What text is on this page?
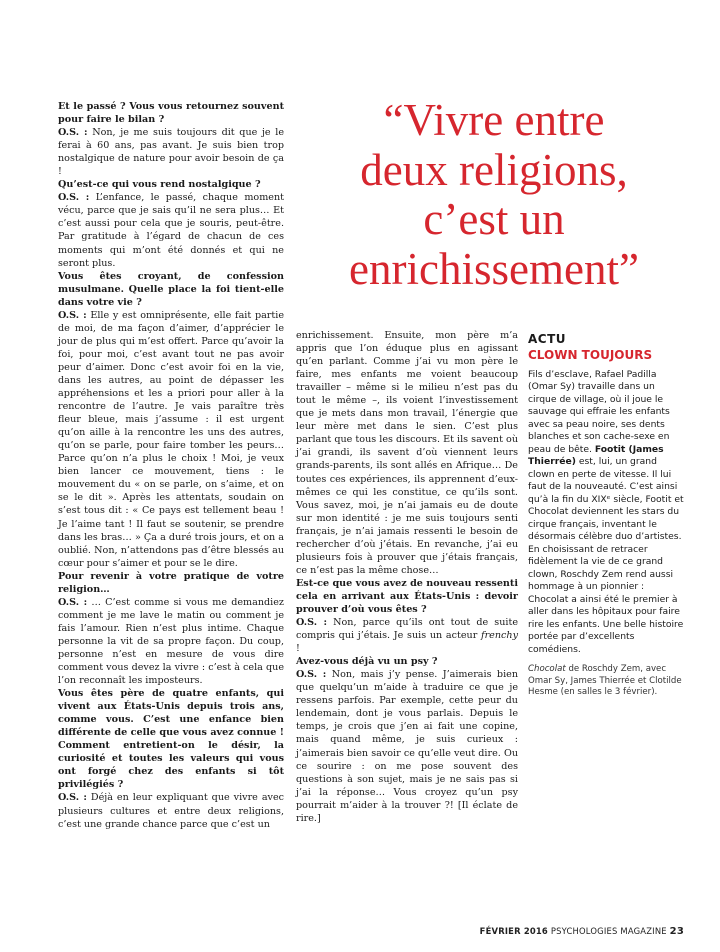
“Vivre entre
deux religions,
c’est un
enrichissement”

Et le passé ? Vous vous retournez souvent pour faire le bilan ?

O.S. : Non, je me suis toujours dit que je le ferai à 60 ans, pas avant. Je suis bien trop nostalgique de nature pour avoir besoin de ça !

Qu’est-ce qui vous rend nostalgique ?

O.S. : L’enfance, le passé, chaque moment vécu, parce que je sais qu’il ne sera plus… Et c’est aussi pour cela que je souris, peut-être. Par gratitude à l’égard de chacun de ces moments qui m’ont été donnés et qui ne seront plus.

Vous êtes croyant, de confession musulmane. Quelle place la foi tient-elle dans votre vie ?

O.S. : Elle y est omniprésente, elle fait partie de moi, de ma façon d’aimer, d’apprécier le jour de plus qui m’est offert. Parce qu’avoir la foi, pour moi, c’est avant tout ne pas avoir peur d’aimer. Donc c’est avoir foi en la vie, dans les autres, au point de dépasser les appréhensions et les a priori pour aller à la rencontre de l’autre. Je vais paraître très fleur bleue, mais j’assume : il est urgent qu’on aille à la rencontre les uns des autres, qu’on se parle, pour faire tomber les peurs… Parce qu’on n’a plus le choix ! Moi, je veux bien lancer ce mouvement, tiens : le mouvement du « on se parle, on s’aime, et on se le dit ». Après les attentats, soudain on s’est tous dit : « Ce pays est tellement beau ! Je l’aime tant ! Il faut se soutenir, se prendre dans les bras… » Ça a duré trois jours, et on a oublié. Non, n’attendons pas d’être blessés au cœur pour s’aimer et pour se le dire.

Pour revenir à votre pratique de votre religion…

O.S. : … C’est comme si vous me demandiez comment je me lave le matin ou comment je fais l’amour. Rien n’est plus intime. Chaque personne la vit de sa propre façon. Du coup, personne n’est en mesure de vous dire comment vous devez la vivre : c’est à cela que l’on reconnaît les imposteurs.

Vous êtes père de quatre enfants, qui vivent aux États-Unis depuis trois ans, comme vous. C’est une enfance bien différente de celle que vous avez connue ! Comment entretient-on le désir, la curiosité et toutes les valeurs qui vous ont forgé chez des enfants si tôt privilégiés ?

O.S. : Déjà en leur expliquant que vivre avec plusieurs cultures et entre deux religions, c’est une grande chance parce que c’est un

enrichissement. Ensuite, mon père m’a appris que l’on éduque plus en agissant qu’en parlant. Comme j’ai vu mon père le faire, mes enfants me voient beaucoup travailler – même si le milieu n’est pas du tout le même –, ils voient l’investissement que je mets dans mon travail, l’énergie que leur mère met dans le sien. C’est plus parlant que tous les discours. Et ils savent où j’ai grandi, ils savent d’où viennent leurs grands-parents, ils sont allés en Afrique… De toutes ces expériences, ils apprennent d’eux-mêmes ce qui les constitue, ce qu’ils sont. Vous savez, moi, je n’ai jamais eu de doute sur mon identité : je me suis toujours senti français, je n’ai jamais ressenti le besoin de rechercher d’où j’étais. En revanche, j’ai eu plusieurs fois à prouver que j’étais français, ce n’est pas la même chose…

Est-ce que vous avez de nouveau ressenti cela en arrivant aux États-Unis : devoir prouver d’où vous êtes ?

O.S. : Non, parce qu’ils ont tout de suite compris qui j’étais. Je suis un acteur frenchy !

Avez-vous déjà vu un psy ?

O.S. : Non, mais j’y pense. J’aimerais bien que quelqu’un m’aide à traduire ce que je ressens parfois. Par exemple, cette peur du lendemain, dont je vous parlais. Depuis le temps, je crois que j’en ai fait une copine, mais quand même, je suis curieux : j’aimerais bien savoir ce qu’elle veut dire. Ou ce sourire : on me pose souvent des questions à son sujet, mais je ne sais pas si j’ai la réponse… Vous croyez qu’un psy pourrait m’aider à la trouver ?! [Il éclate de rire.]

ACTU
CLOWN TOUJOURS

Fils d’esclave, Rafael Padilla (Omar Sy) travaille dans un cirque de village, où il joue le sauvage qui effraie les enfants avec sa peau noire, ses dents blanches et son cache-sexe en peau de bête. Footit (James Thierrée) est, lui, un grand clown en perte de vitesse. Il lui faut de la nouveauté. C’est ainsi qu’à la fin du XIXᵉ siècle, Footit et Chocolat deviennent les stars du cirque français, inventant le désormais célèbre duo d’artistes. En choisissant de retracer fidèlement la vie de ce grand clown, Roschdy Zem rend aussi hommage à un pionnier : Chocolat a ainsi été le premier à aller dans les hôpitaux pour faire rire les enfants. Une belle histoire portée par d’excellents comédiens.

Chocolat de Roschdy Zem, avec Omar Sy, James Thierrée et Clotilde Hesme (en salles le 3 février).

FÉVRIER 2016 PSYCHOLOGIES MAGAZINE 23
